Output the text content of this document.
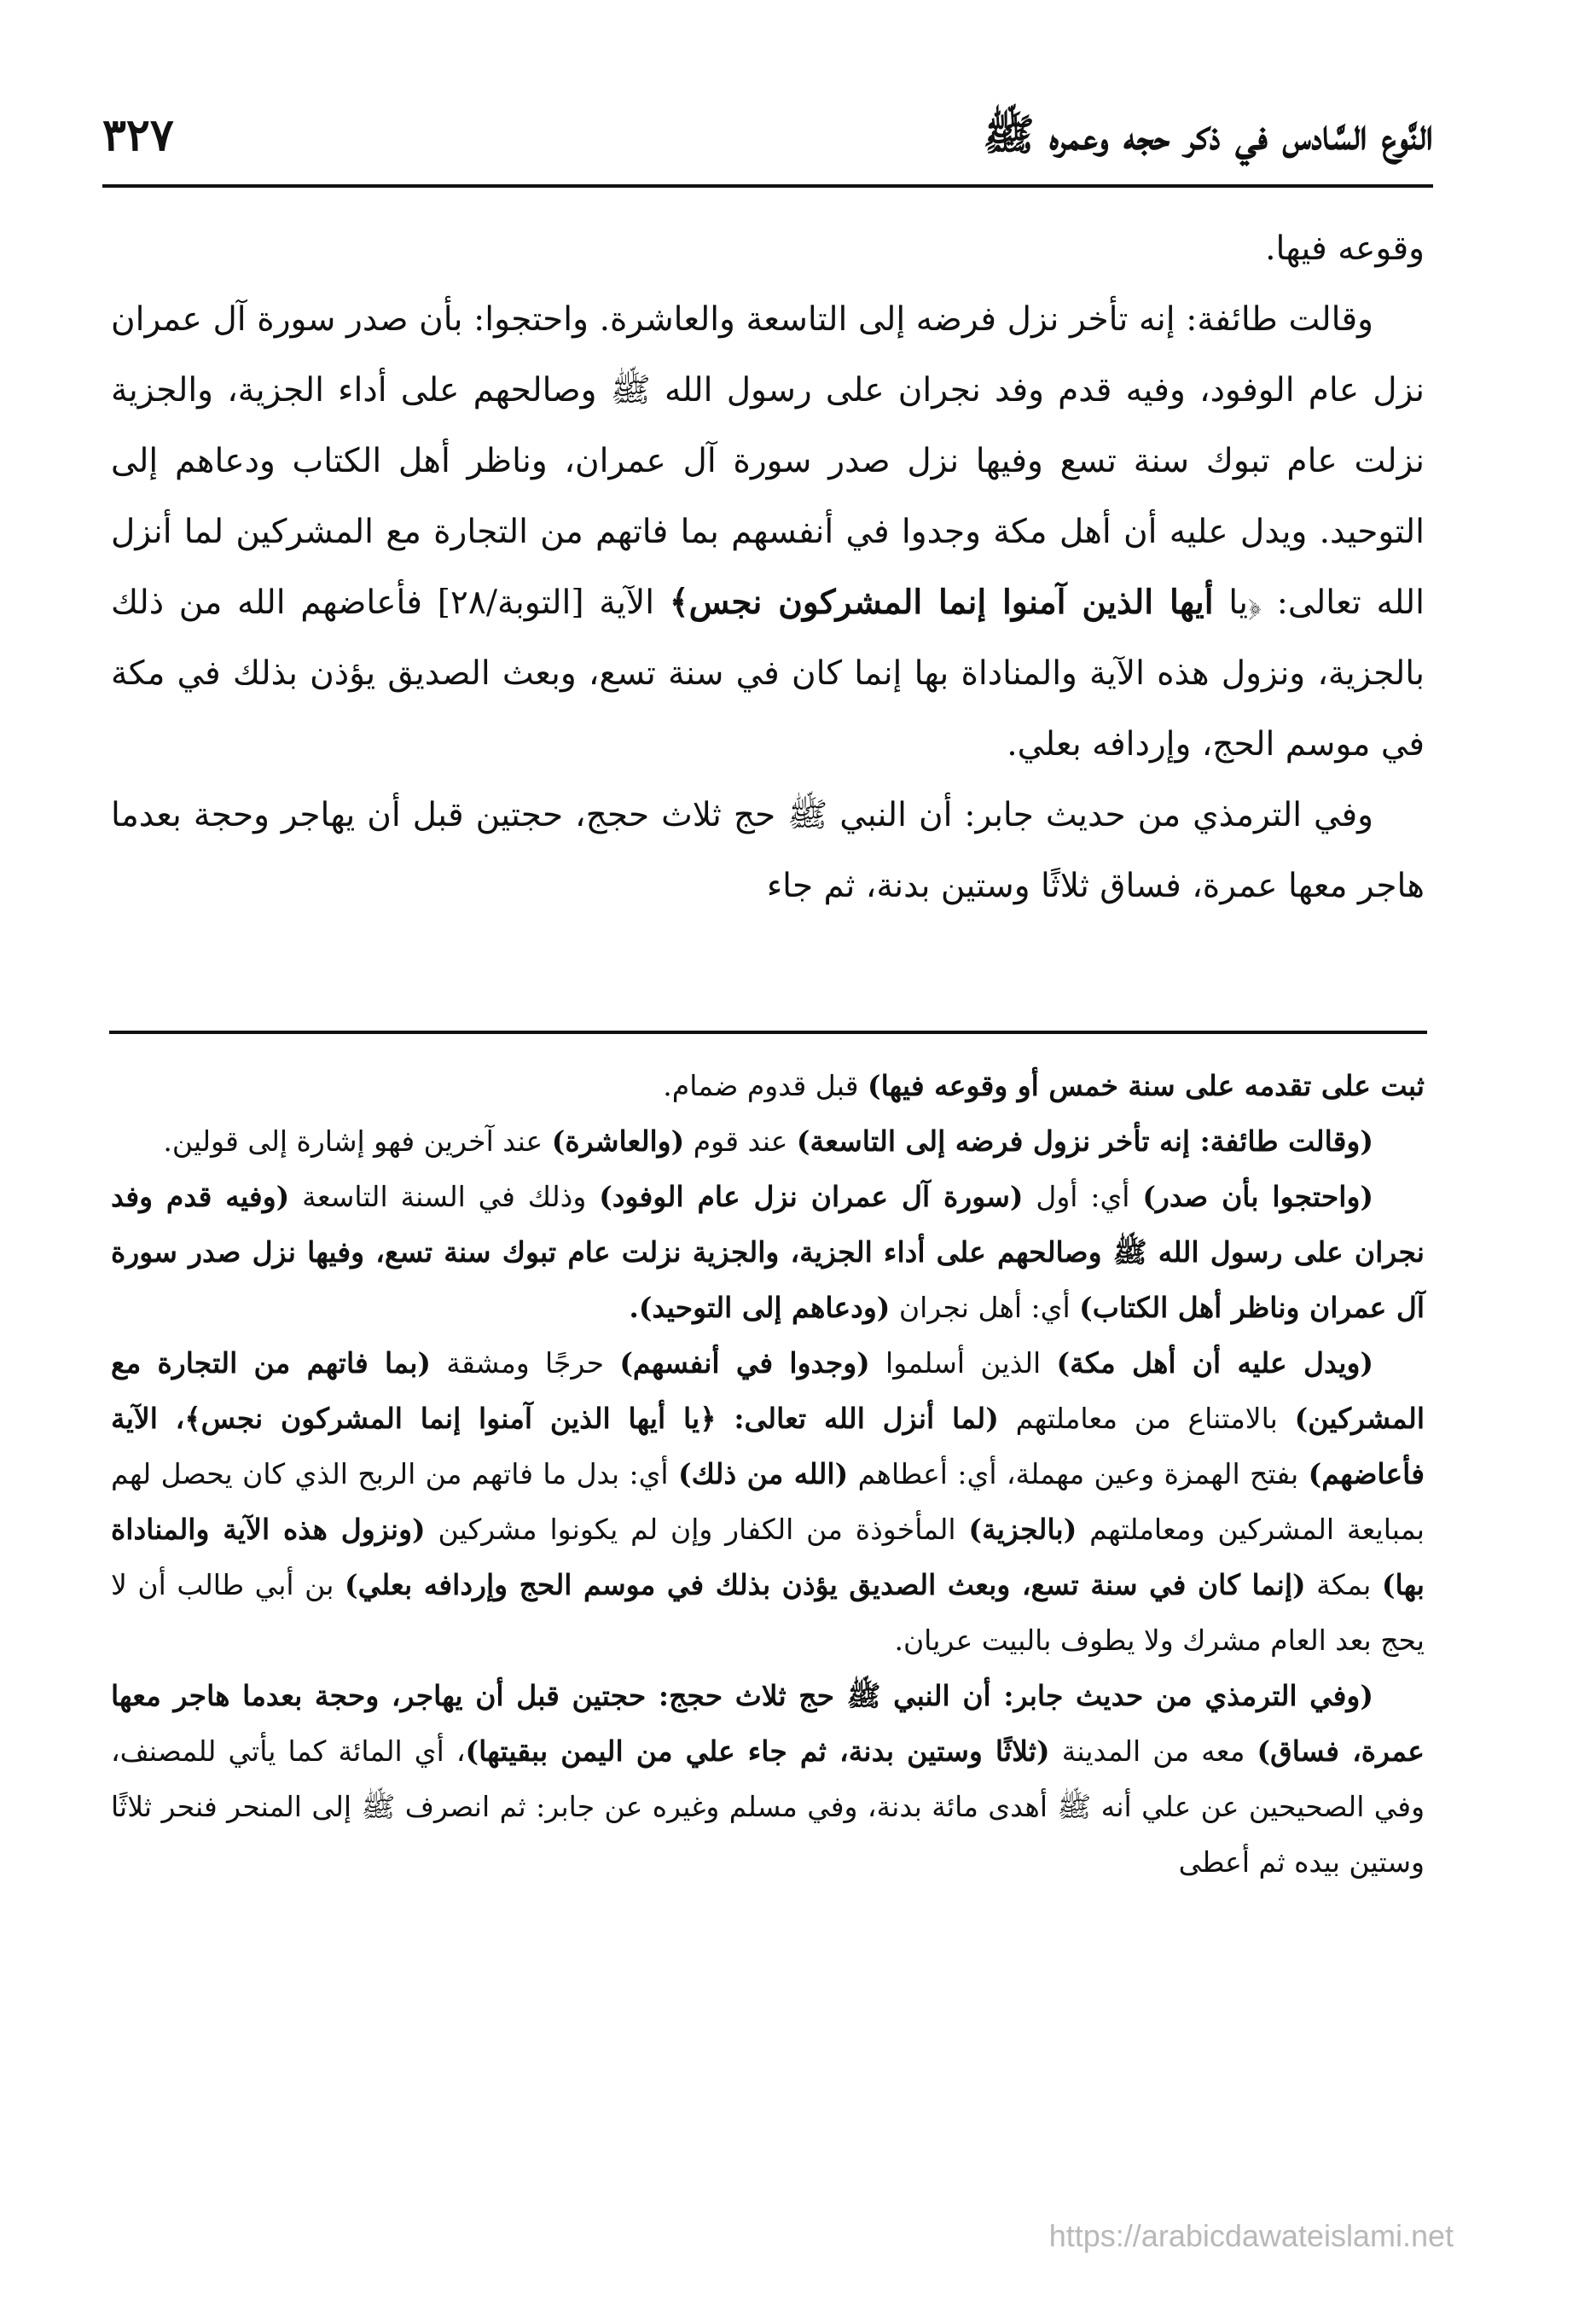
النَّوع السَّادس في ذكر حجه وعمره ﷺ
٣٢٧

وقوعه فيها.

وقالت طائفة: إنه تأخر نزل فرضه إلى التاسعة والعاشرة. واحتجوا: بأن صدر سورة آل عمران نزل عام الوفود، وفيه قدم وفد نجران على رسول الله ﷺ وصالحهم على أداء الجزية، والجزية نزلت عام تبوك سنة تسع وفيها نزل صدر سورة آل عمران، وناظر أهل الكتاب ودعاهم إلى التوحيد. ويدل عليه أن أهل مكة وجدوا في أنفسهم بما فاتهم من التجارة مع المشركين لما أنزل الله تعالى: ﴿يا أيها الذين آمنوا إنما المشركون نجس﴾ الآية [التوبة/٢٨] فأعاضهم الله من ذلك بالجزية، ونزول هذه الآية والمناداة بها إنما كان في سنة تسع، وبعث الصديق يؤذن بذلك في مكة في موسم الحج، وإردافه بعلي.

وفي الترمذي من حديث جابر: أن النبي ﷺ حج ثلاث حجج، حجتين قبل أن يهاجر وحجة بعدما هاجر معها عمرة، فساق ثلاثًا وستين بدنة، ثم جاء

ثبت على تقدمه على سنة خمس أو وقوعه فيها) قبل قدوم ضمام.

(وقالت طائفة: إنه تأخر نزول فرضه إلى التاسعة) عند قوم (والعاشرة) عند آخرين فهو إشارة إلى قولين.

(واحتجوا بأن صدر) أي: أول (سورة آل عمران نزل عام الوفود) وذلك في السنة التاسعة (وفيه قدم وفد نجران على رسول الله ﷺ وصالحهم على أداء الجزية، والجزية نزلت عام تبوك سنة تسع، وفيها نزل صدر سورة آل عمران وناظر أهل الكتاب) أي: أهل نجران (ودعاهم إلى التوحيد).

(ويدل عليه أن أهل مكة) الذين أسلموا (وجدوا في أنفسهم) حرجًا ومشقة (بما فاتهم من التجارة مع المشركين) بالامتناع من معاملتهم (لما أنزل الله تعالى: ﴿يا أيها الذين آمنوا إنما المشركون نجس﴾، الآية فأعاضهم) بفتح الهمزة وعين مهملة، أي: أعطاهم (الله من ذلك) أي: بدل ما فاتهم من الربح الذي كان يحصل لهم بمبايعة المشركين ومعاملتهم (بالجزية) المأخوذة من الكفار وإن لم يكونوا مشركين (ونزول هذه الآية والمناداة بها) بمكة (إنما كان في سنة تسع، وبعث الصديق يؤذن بذلك في موسم الحج وإردافه بعلي) بن أبي طالب أن لا يحج بعد العام مشرك ولا يطوف بالبيت عريان.

(وفي الترمذي من حديث جابر: أن النبي ﷺ حج ثلاث حجج: حجتين قبل أن يهاجر، وحجة بعدما هاجر معها عمرة، فساق) معه من المدينة (ثلاثًا وستين بدنة، ثم جاء علي من اليمن ببقيتها)، أي المائة كما يأتي للمصنف، وفي الصحيحين عن علي أنه ﷺ أهدى مائة بدنة، وفي مسلم وغيره عن جابر: ثم انصرف ﷺ إلى المنحر فنحر ثلاثًا وستين بيده ثم أعطى

https://arabicdawateislami.net
